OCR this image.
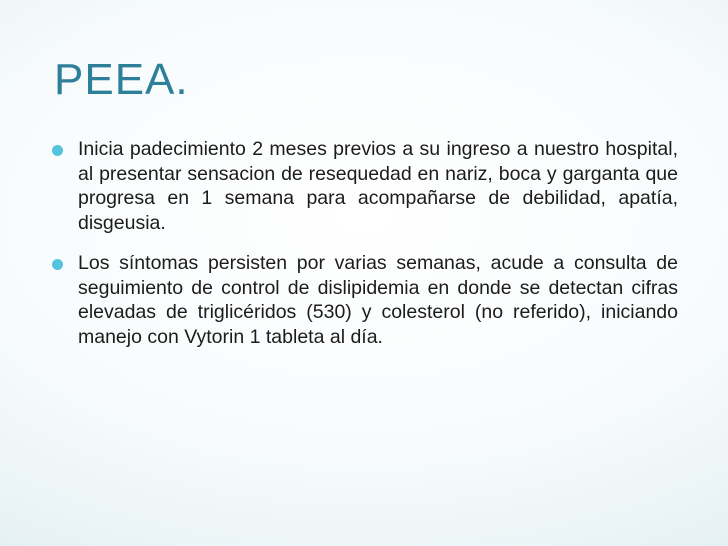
PEEA.
Inicia padecimiento 2 meses previos a su ingreso a nuestro hospital, al presentar sensacion de resequedad en nariz, boca y garganta que progresa en 1 semana para acompañarse de debilidad, apatía, disgeusia.
Los síntomas persisten por varias semanas, acude a consulta de seguimiento de control de dislipidemia en donde se detectan cifras elevadas de triglicéridos (530) y colesterol (no referido), iniciando manejo con Vytorin 1 tableta al día.
